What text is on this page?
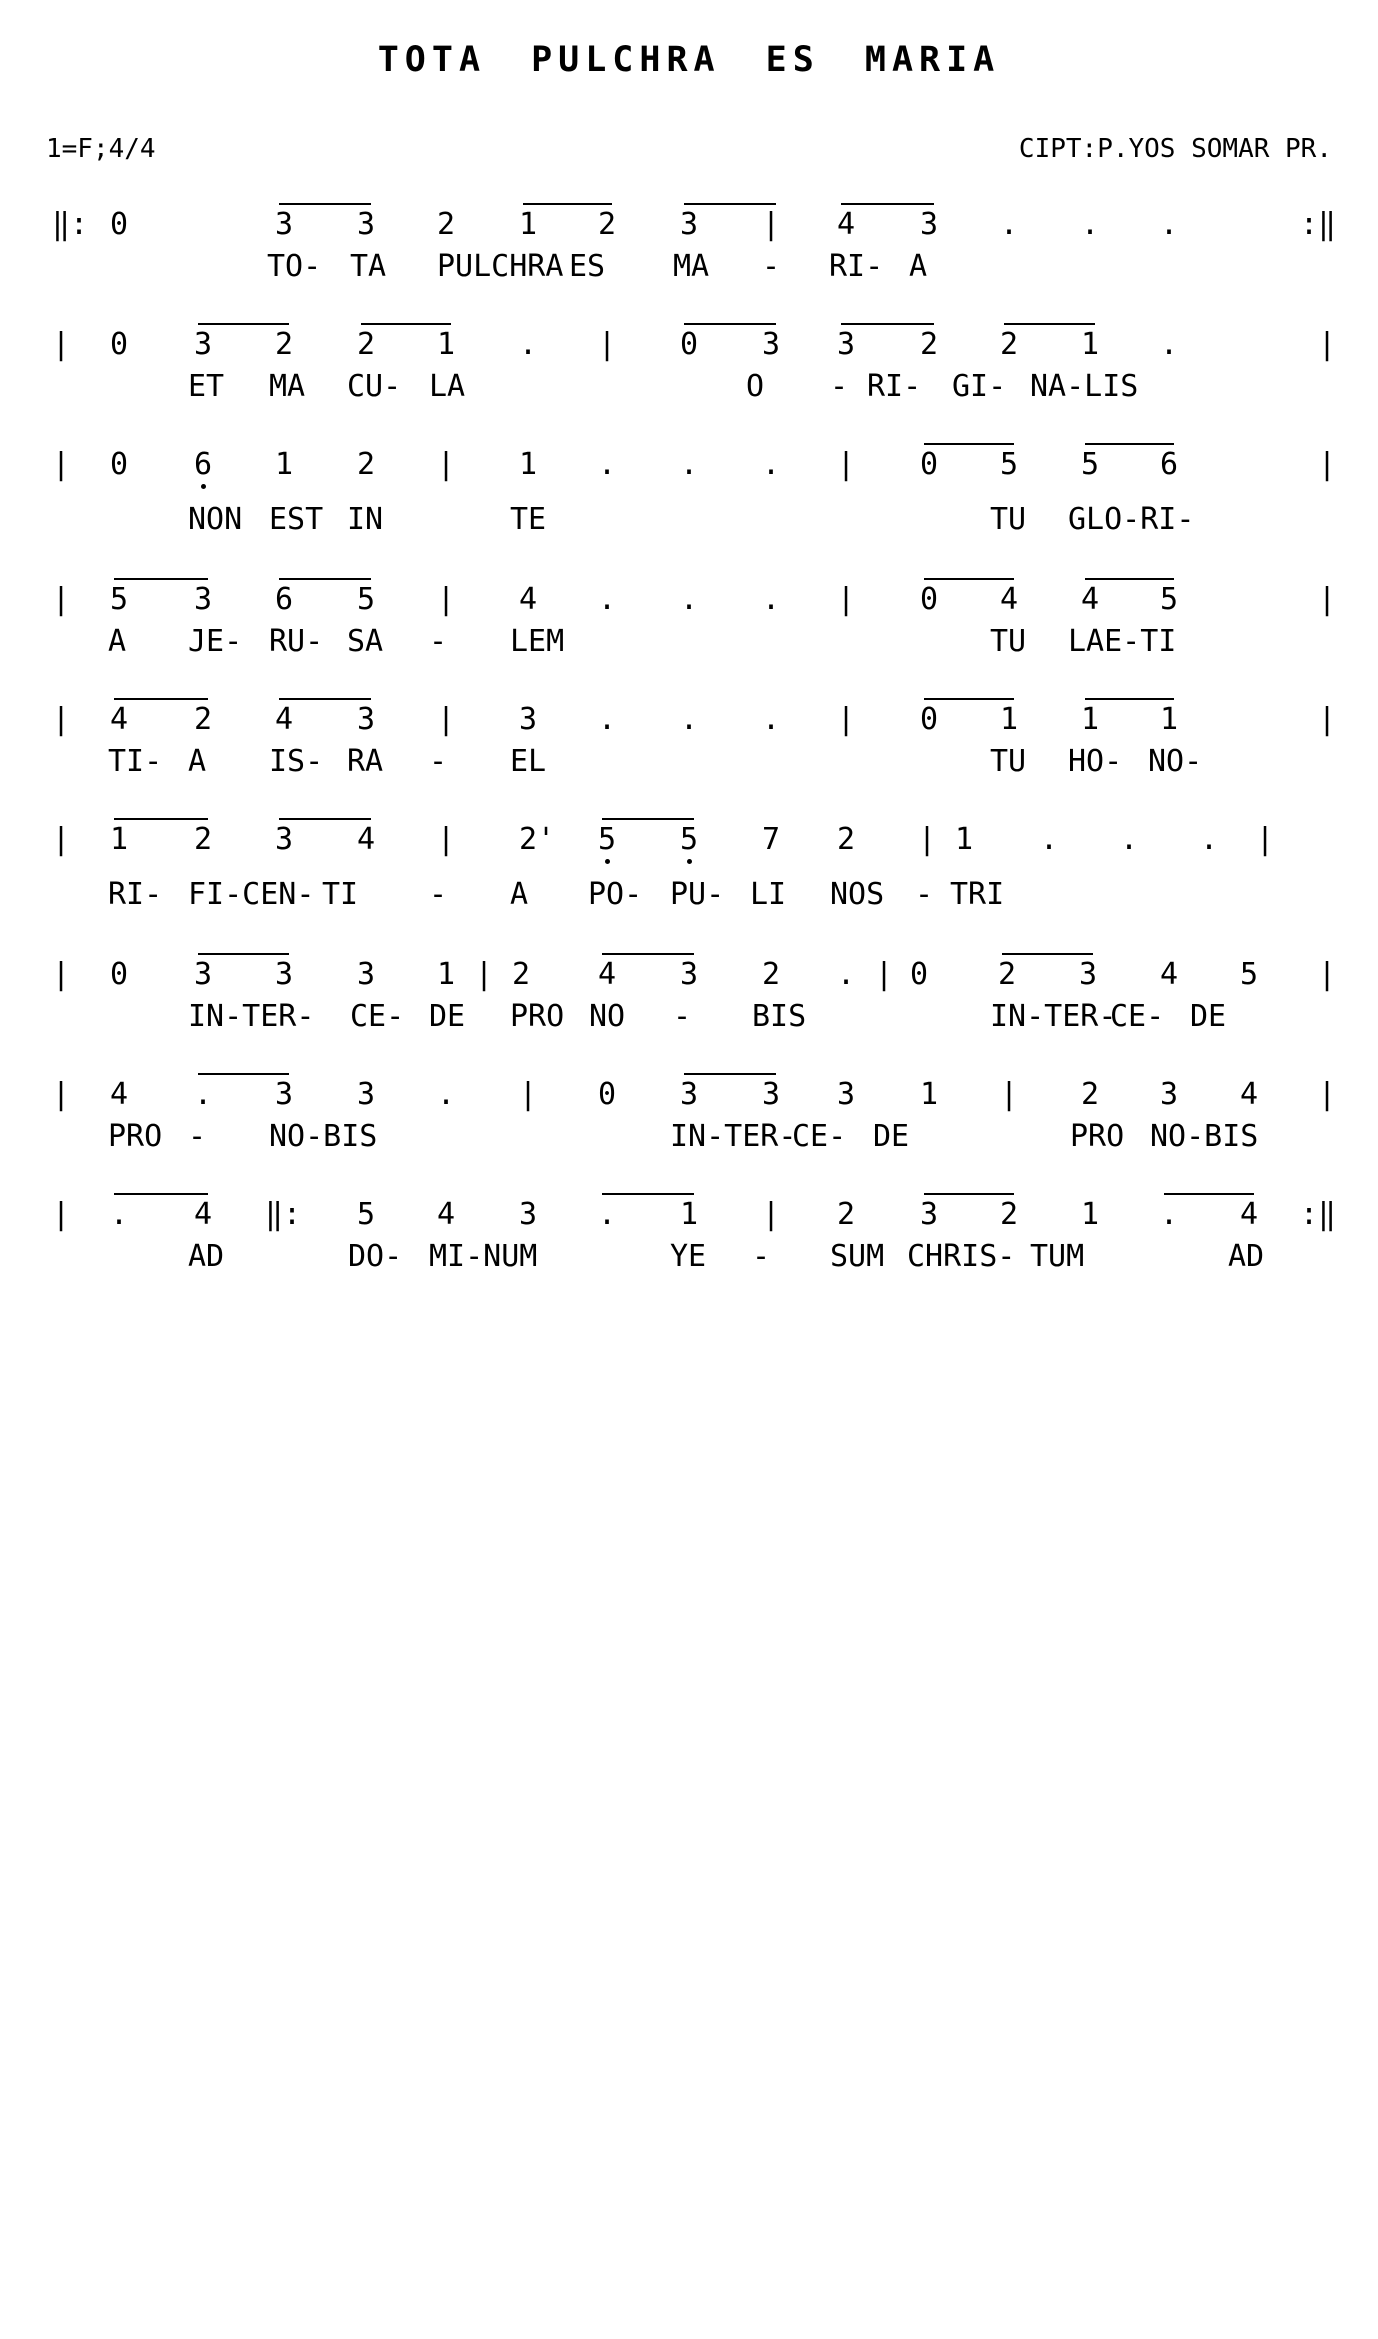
TOTA PULCHRA ES MARIA
1=F;4/4	CIPT:P.YOS SOMAR PR.
‖: 0	3 3 2 1 2 3 | 4 3 . . .	:‖
TO- TA PULCHRA ES MA - RI- A
| 0 3 2 2 1 . | 0 3 3 2 2 1 .	|
ET MA CU- LA	O - RI- GI- NA-LIS
| 0 6 1 2 | 1 . . . | 0 5 5 6	|
NON EST IN	TE	TU GLO-RI-
| 5 3 6 5 | 4 . . . | 0 4 4 5	|
A JE- RU- SA - LEM	TU LAE-TI
| 4 2 4 3 | 3 . . . | 0 1 1 1	|
TI- A IS- RA - EL	TU HO- NO-
| 1 2 3 4 | 2' 5 5 7 2 | 1 . . . |
RI- FI-CEN- TI - A PO- PU- LI NOS - TRI
| 0 3 3 3 1 | 2 4 3 2 . | 0 2 3 4 5 |
IN-TER- CE- DE PRO NO - BIS	IN-TER-
CE- DE
| 4 . 3 3 . | 0 3 3 3 1 | 2 3 4 |
PRO - NO-BIS	IN-TER-
CE- DE	PRO NO-BIS
| . 4 ‖: 5 4 3 . 1 | 2 3 2 1 . 4 :‖
AD	DO- MI-NUM	YE - SUM CHRIS- TUM	AD
